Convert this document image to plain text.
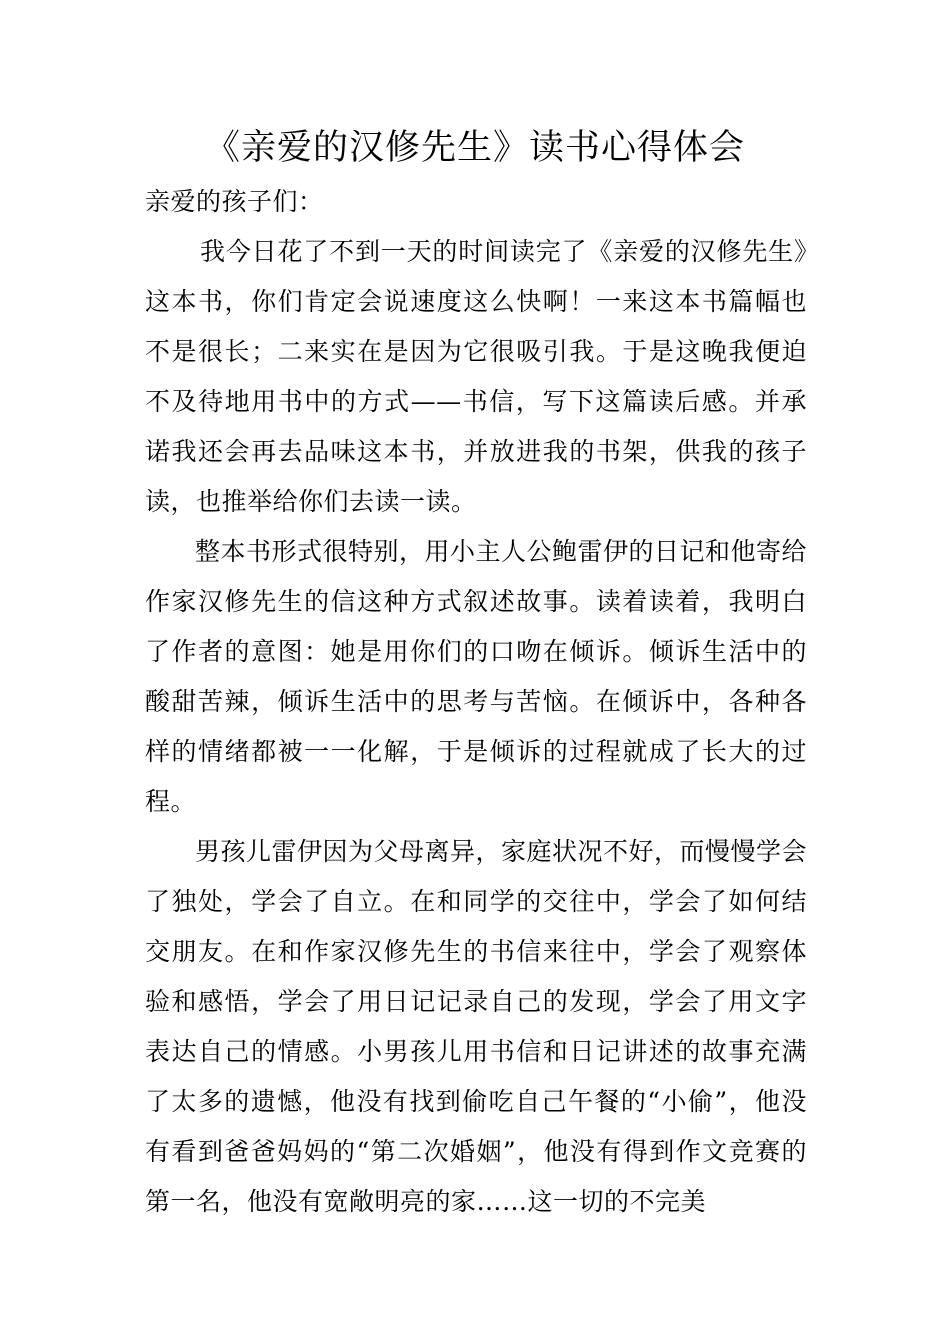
《亲爱的汉修先生》读书心得体会

亲爱的孩子们：

我今日花了不到一天的时间读完了《亲爱的汉修先生》这本书，你们肯定会说速度这么快啊！一来这本书篇幅也不是很长；二来实在是因为它很吸引我。于是这晚我便迫不及待地用书中的方式——书信，写下这篇读后感。并承诺我还会再去品味这本书，并放进我的书架，供我的孩子读，也推举给你们去读一读。

整本书形式很特别，用小主人公鲍雷伊的日记和他寄给作家汉修先生的信这种方式叙述故事。读着读着，我明白了作者的意图：她是用你们的口吻在倾诉。倾诉生活中的酸甜苦辣，倾诉生活中的思考与苦恼。在倾诉中，各种各样的情绪都被一一化解，于是倾诉的过程就成了长大的过程。

男孩儿雷伊因为父母离异，家庭状况不好，而慢慢学会了独处，学会了自立。在和同学的交往中，学会了如何结交朋友。在和作家汉修先生的书信来往中，学会了观察体验和感悟，学会了用日记记录自己的发现，学会了用文字表达自己的情感。小男孩儿用书信和日记讲述的故事充满了太多的遗憾，他没有找到偷吃自己午餐的“小偷”，他没有看到爸爸妈妈的“第二次婚姻”，他没有得到作文竞赛的第一名，他没有宽敞明亮的家……这一切的不完美
